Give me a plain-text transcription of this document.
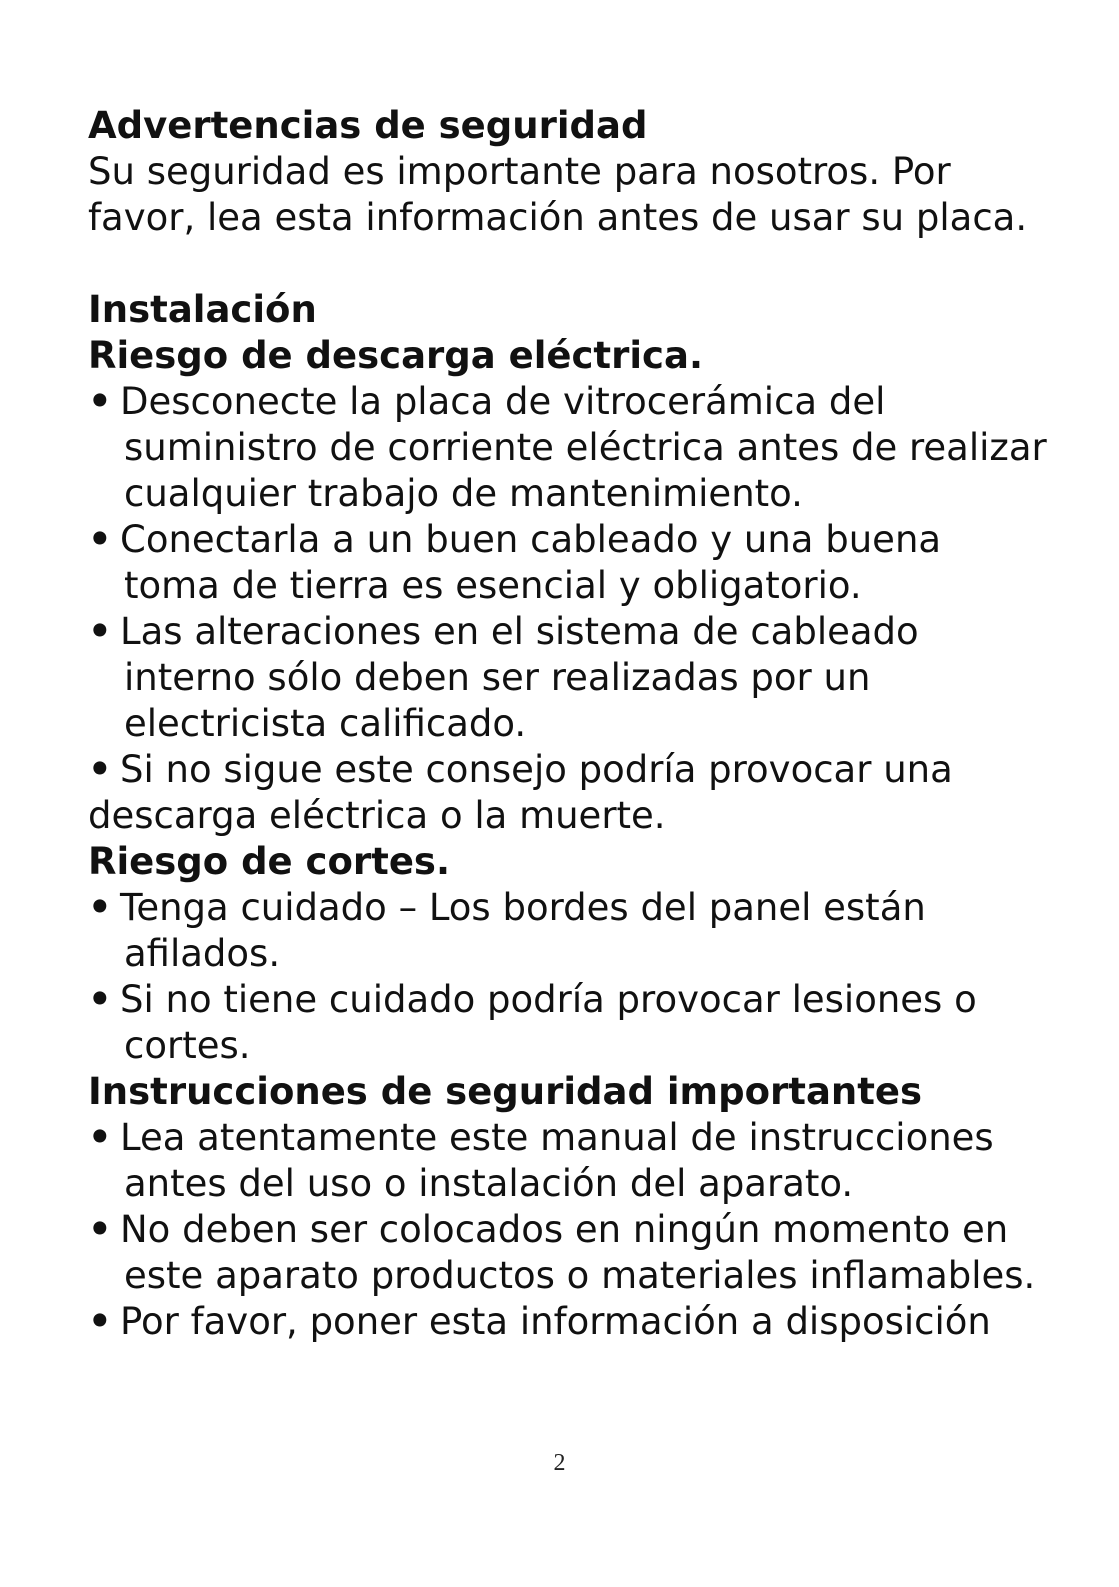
Advertencias de seguridad

Su seguridad es importante para nosotros. Por favor, lea esta información antes de usar su placa.

Instalación
Riesgo de descarga eléctrica.
• Desconecte la placa de vitrocerámica del suministro de corriente eléctrica antes de realizar cualquier trabajo de mantenimiento.
• Conectarla a un buen cableado y una buena toma de tierra es esencial y obligatorio.
• Las alteraciones en el sistema de cableado interno sólo deben ser realizadas por un electricista calificado.
• Si no sigue este consejo podría provocar una descarga eléctrica o la muerte.
Riesgo de cortes.
• Tenga cuidado – Los bordes del panel están afilados.
• Si no tiene cuidado podría provocar lesiones o cortes.
Instrucciones de seguridad importantes
• Lea atentamente este manual de instrucciones antes del uso o instalación del aparato.
• No deben ser colocados en ningún momento en este aparato productos o materiales inflamables.
• Por favor, poner esta información a disposición
2
